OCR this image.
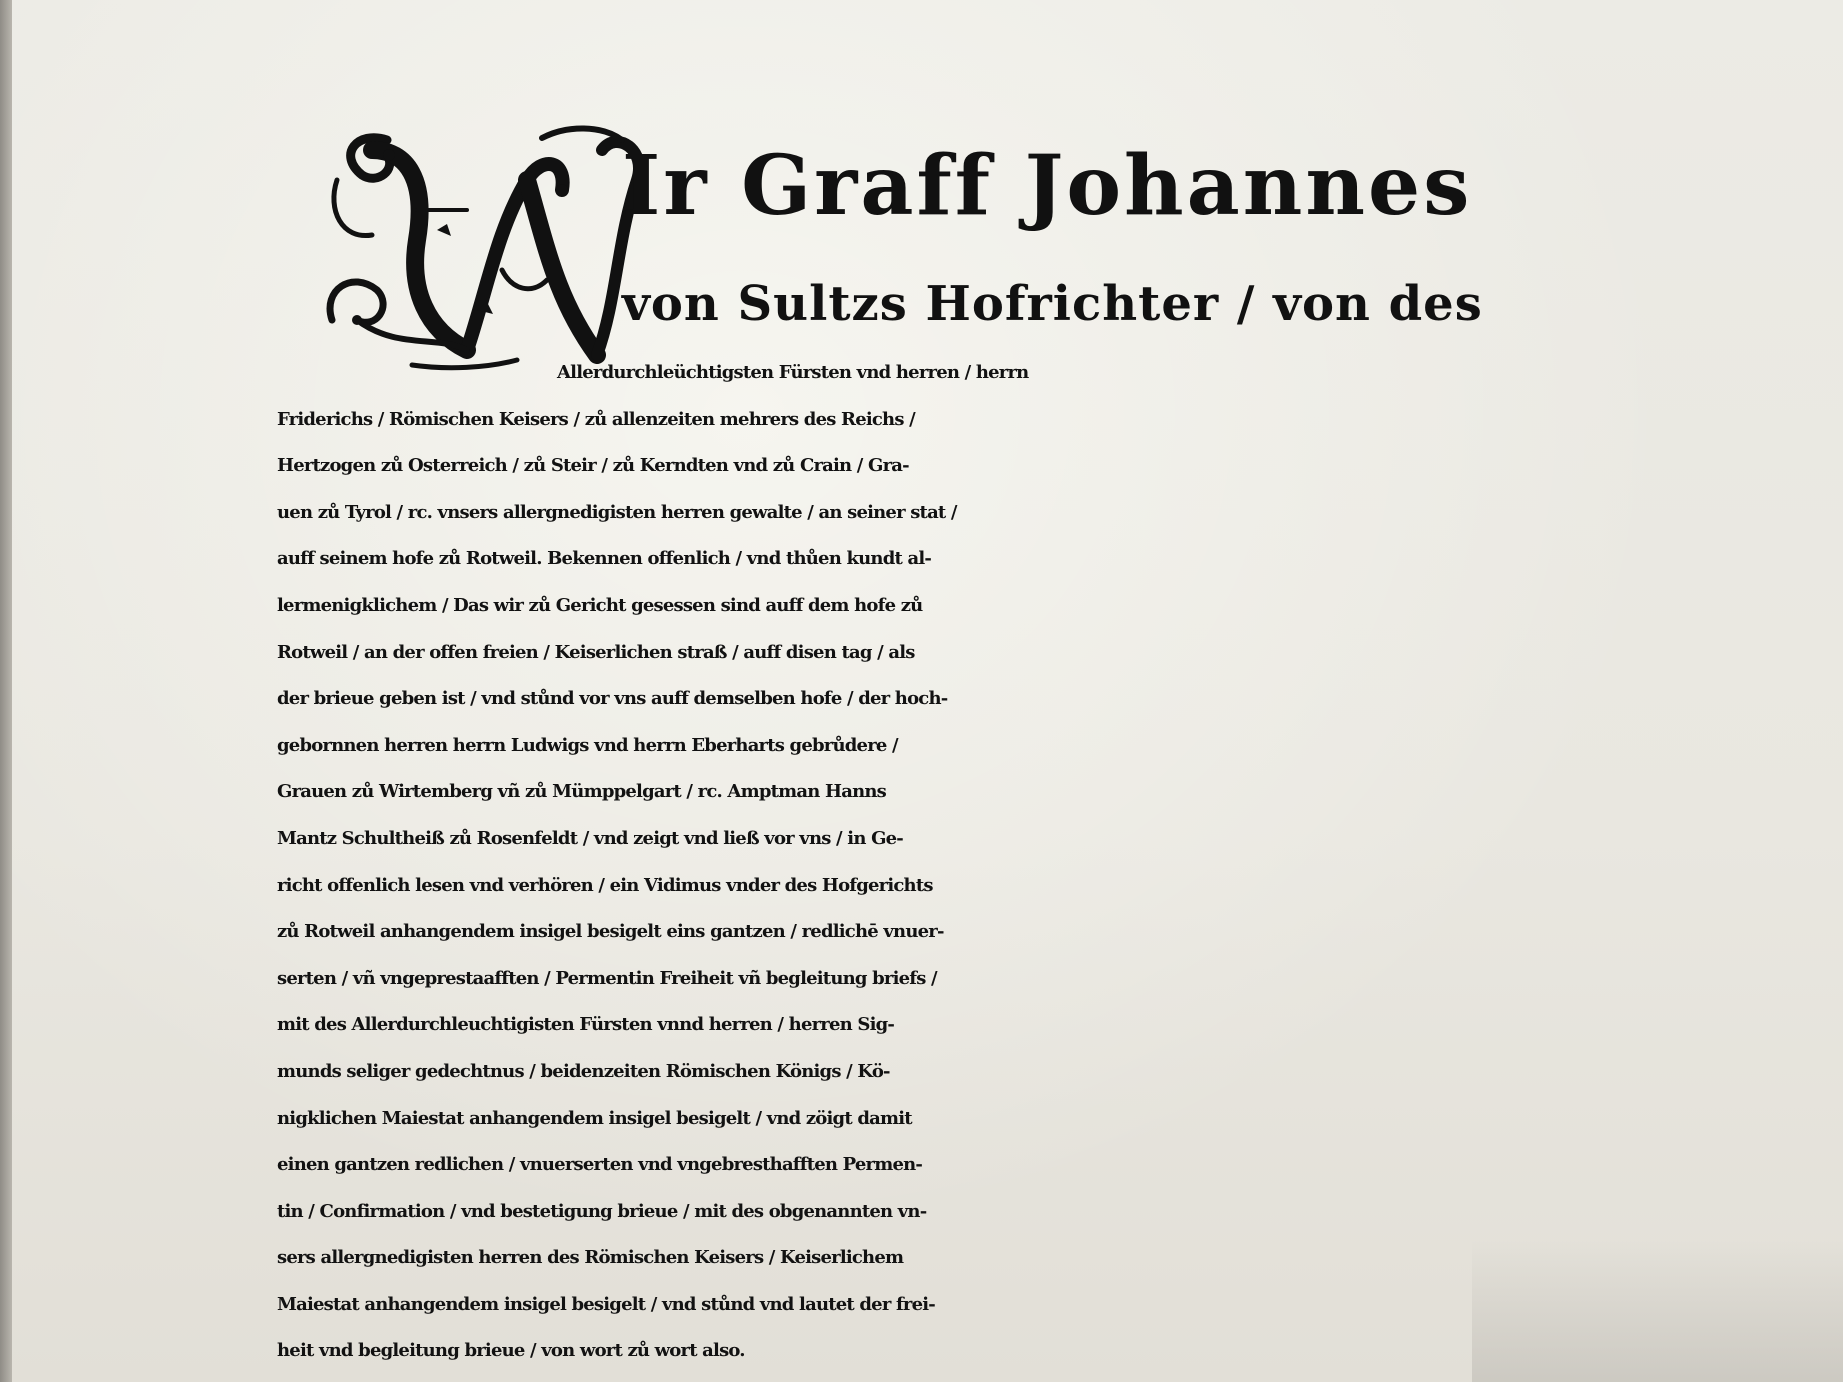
Ir Graff Johannes
von Sultzs Hofrichter / von des
Allerdurchleüchtigsten Fürsten vnd herren / herrn
Friderichs / Römischen Keisers / zů allenzeiten mehrers des Reichs /
Hertzogen zů Osterreich / zů Steir / zů Kerndten vnd zů Crain / Gra-
uen zů Tyrol / rc. vnsers allergnedigisten herren gewalte / an seiner stat /
auff seinem hofe zů Rotweil. Bekennen offenlich / vnd thůen kundt al-
lermenigklichem / Das wir zů Gericht gesessen sind auff dem hofe zů
Rotweil / an der offen freien / Keiserlichen straß / auff disen tag / als
der brieue geben ist / vnd stůnd vor vns auff demselben hofe / der hoch-
gebornnen herren herrn Ludwigs vnd herrn Eberharts gebrůdere /
Grauen zů Wirtemberg vñ zů Mümppelgart / rc. Amptman Hanns
Mantz Schultheiß zů Rosenfeldt / vnd zeigt vnd ließ vor vns / in Ge-
richt offenlich lesen vnd verhören / ein Vidimus vnder des Hofgerichts
zů Rotweil anhangendem insigel besigelt eins gantzen / redlichē vnuer-
serten / vñ vngeprestaafften / Permentin Freiheit vñ begleitung briefs /
mit des Allerdurchleuchtigisten Fürsten vnnd herren / herren Sig-
munds seliger gedechtnus / beidenzeiten Römischen Königs / Kö-
nigklichen Maiestat anhangendem insigel besigelt / vnd zöigt damit
einen gantzen redlichen / vnuerserten vnd vngebresthafften Permen-
tin / Confirmation / vnd bestetigung brieue / mit des obgenannten vn-
sers allergnedigisten herren des Römischen Keisers / Keiserlichem
Maiestat anhangendem insigel besigelt / vnd stůnd vnd lautet der frei-
heit vnd begleitung brieue / von wort zů wort also.
